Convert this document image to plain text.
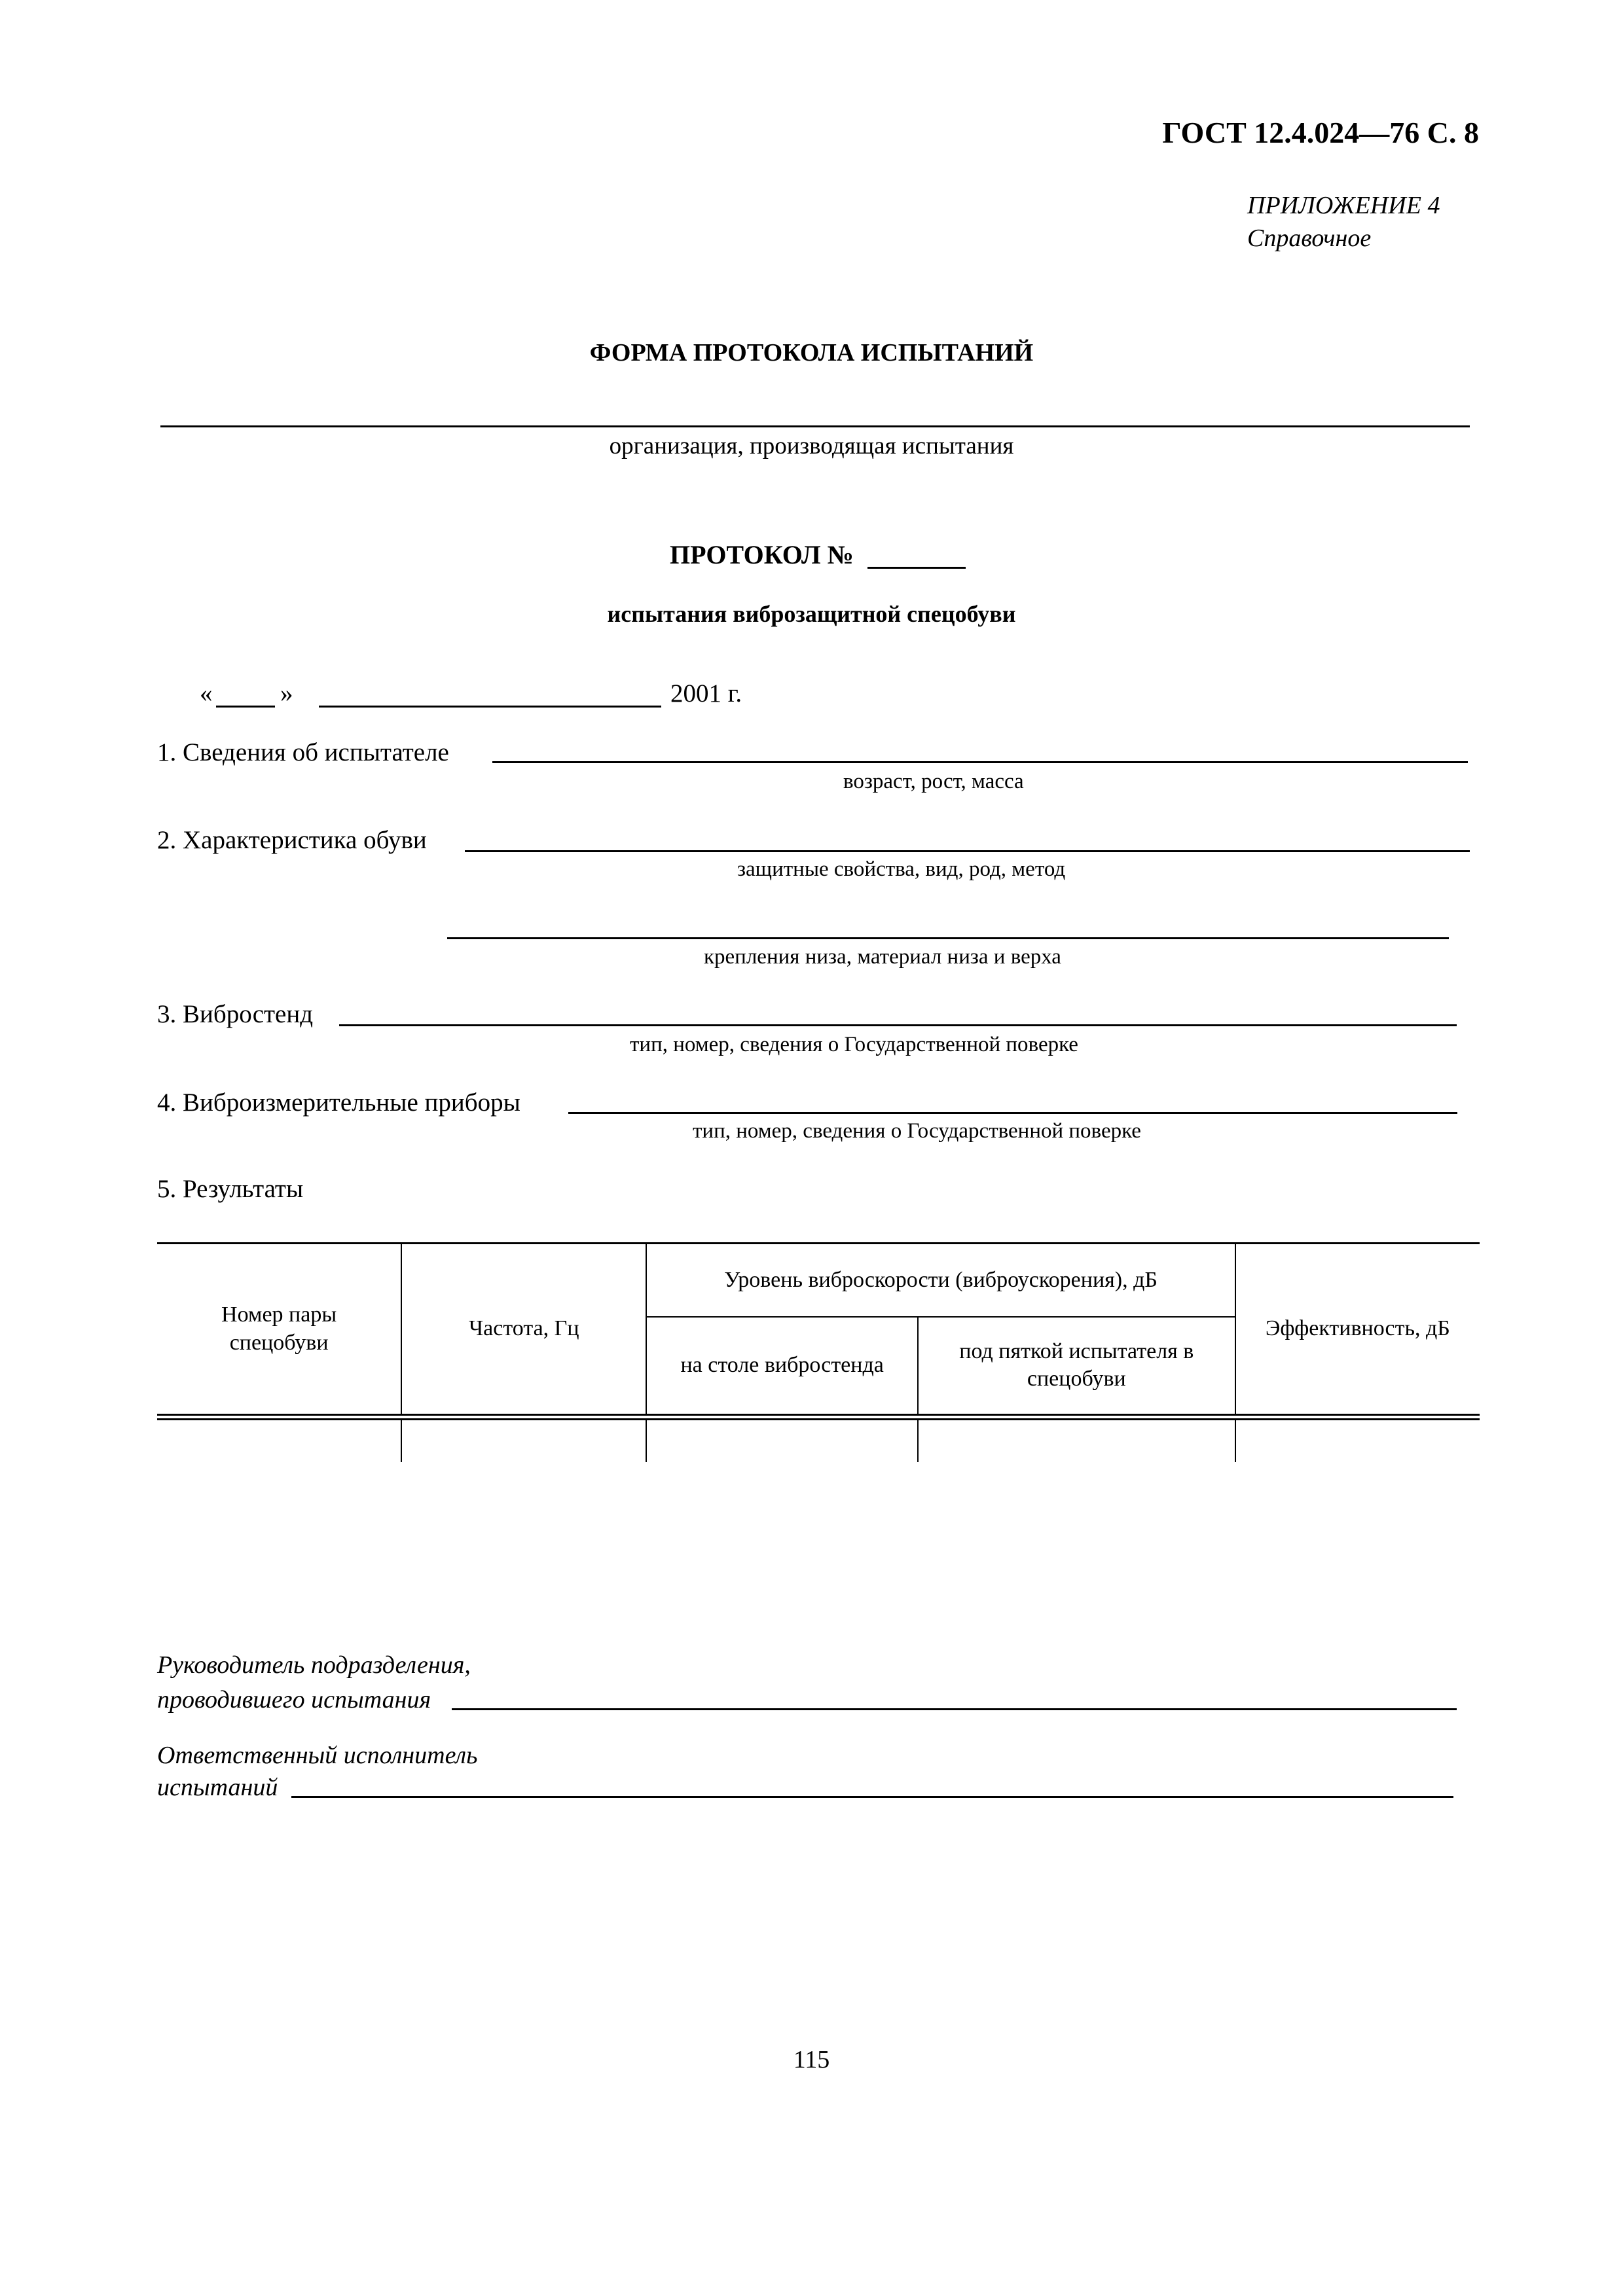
ГОСТ 12.4.024—76 С. 8
ПРИЛОЖЕНИЕ 4
Справочное
ФОРМА ПРОТОКОЛА ИСПЫТАНИЙ
организация, производящая испытания
ПРОТОКОЛ №
испытания виброзащитной спецобуви
«	»	2001 г.
1. Сведения об испытателе
возраст, рост, масса
2. Характеристика обуви
защитные свойства, вид, род, метод
крепления низа, материал низа и верха
3. Вибростенд
тип, номер, сведения о Государственной поверке
4. Виброизмерительные приборы
тип, номер, сведения о Государственной поверке
5. Результаты
Номер пары спецобуви	Частота, Гц	Уровень виброскорости (виброускорения), дБ		Эффективность, дБ
		на столе вибростенда	под пяткой испытателя в спецобуви	

Руководитель подразделения,
проводившего испытания
Ответственный исполнитель
испытаний
115
